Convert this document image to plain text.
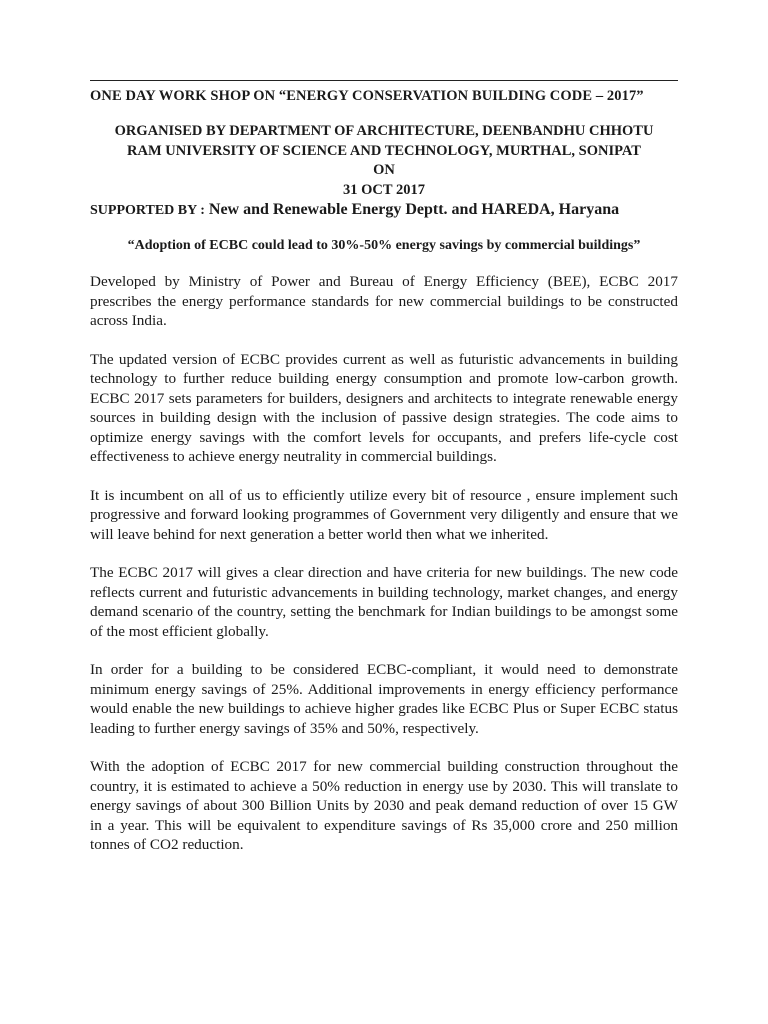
ONE DAY WORK SHOP ON “ENERGY CONSERVATION BUILDING CODE – 2017”
ORGANISED BY DEPARTMENT OF ARCHITECTURE, DEENBANDHU CHHOTU
RAM UNIVERSITY OF SCIENCE AND TECHNOLOGY, MURTHAL, SONIPAT
ON
31 OCT 2017
SUPPORTED BY : New and Renewable Energy Deptt. and HAREDA, Haryana
“Adoption of ECBC could lead to 30%-50% energy savings by commercial buildings”

Developed by Ministry of Power and Bureau of Energy Efficiency (BEE), ECBC 2017 prescribes the energy performance standards for new commercial buildings to be constructed across India.

The updated version of ECBC provides current as well as futuristic advancements in building technology to further reduce building energy consumption and promote low-carbon growth. ECBC 2017 sets parameters for builders, designers and architects to integrate renewable energy sources in building design with the inclusion of passive design strategies. The code aims to optimize energy savings with the comfort levels for occupants, and prefers life-cycle cost effectiveness to achieve energy neutrality in commercial buildings.

It is incumbent on all of us to efficiently utilize every bit of resource , ensure implement such progressive and forward looking programmes of Government very diligently and ensure that we will leave behind for next generation a better world then what we inherited.

The ECBC 2017 will gives a clear direction and have criteria for new buildings. The new code reflects current and futuristic advancements in building technology, market changes, and energy demand scenario of the country, setting the benchmark for Indian buildings to be amongst some of the most efficient globally.

In order for a building to be considered ECBC-compliant, it would need to demonstrate minimum energy savings of 25%. Additional improvements in energy efficiency performance would enable the new buildings to achieve higher grades like ECBC Plus or Super ECBC status leading to further energy savings of 35% and 50%, respectively.

With the adoption of ECBC 2017 for new commercial building construction throughout the country, it is estimated to achieve a 50% reduction in energy use by 2030. This will translate to energy savings of about 300 Billion Units by 2030 and peak demand reduction of over 15 GW in a year. This will be equivalent to expenditure savings of Rs 35,000 crore and 250 million tonnes of CO2 reduction.
